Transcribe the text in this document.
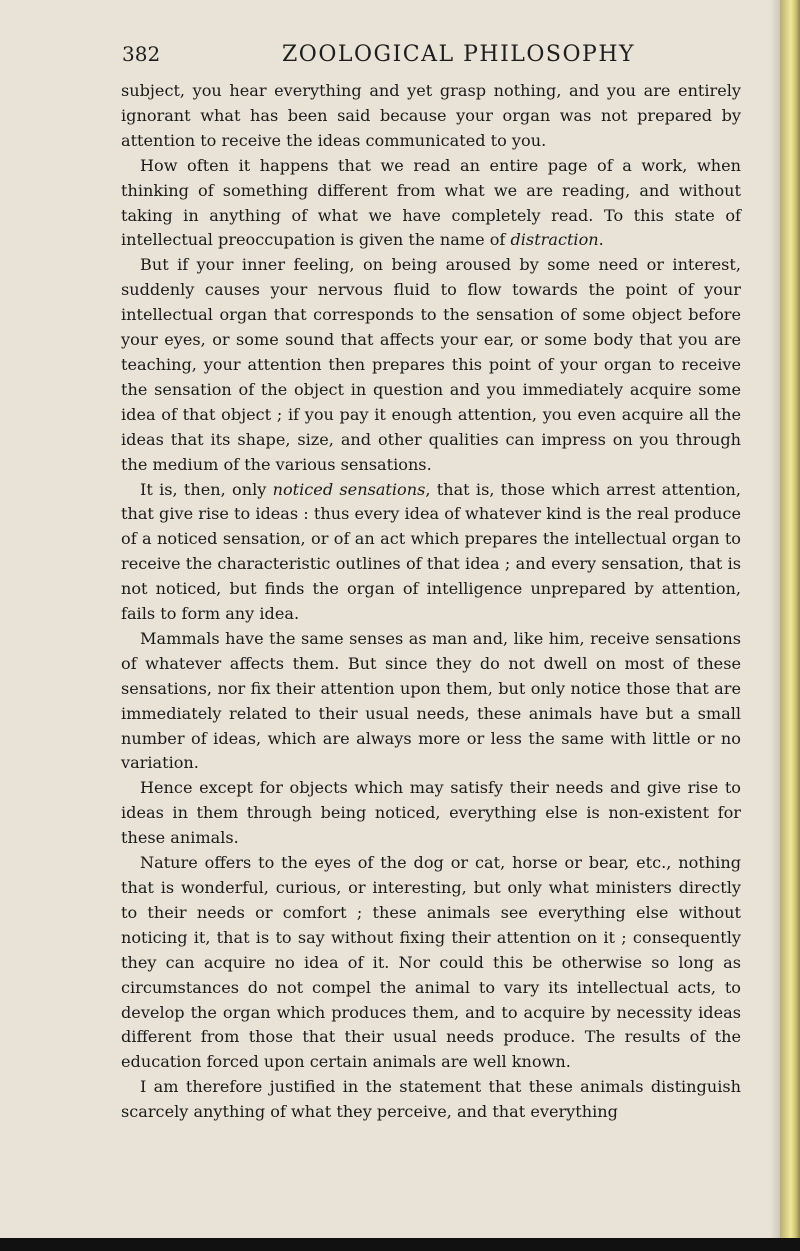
382	ZOOLOGICAL PHILOSOPHY

subject, you hear everything and yet grasp nothing, and you are entirely ignorant what has been said because your organ was not prepared by attention to receive the ideas communicated to you.

How often it happens that we read an entire page of a work, when thinking of something different from what we are reading, and without taking in anything of what we have completely read. To this state of intellectual preoccupation is given the name of distraction.

But if your inner feeling, on being aroused by some need or interest, suddenly causes your nervous fluid to flow towards the point of your intellectual organ that corresponds to the sensation of some object before your eyes, or some sound that affects your ear, or some body that you are teaching, your attention then prepares this point of your organ to receive the sensation of the object in question and you immediately acquire some idea of that object ; if you pay it enough attention, you even acquire all the ideas that its shape, size, and other qualities can impress on you through the medium of the various sensations.

It is, then, only noticed sensations, that is, those which arrest attention, that give rise to ideas : thus every idea of whatever kind is the real produce of a noticed sensation, or of an act which prepares the intellectual organ to receive the characteristic outlines of that idea ; and every sensation, that is not noticed, but finds the organ of intelligence unprepared by attention, fails to form any idea.

Mammals have the same senses as man and, like him, receive sensations of whatever affects them. But since they do not dwell on most of these sensations, nor fix their attention upon them, but only notice those that are immediately related to their usual needs, these animals have but a small number of ideas, which are always more or less the same with little or no variation.

Hence except for objects which may satisfy their needs and give rise to ideas in them through being noticed, everything else is non-existent for these animals.

Nature offers to the eyes of the dog or cat, horse or bear, etc., nothing that is wonderful, curious, or interesting, but only what ministers directly to their needs or comfort ; these animals see everything else without noticing it, that is to say without fixing their attention on it ; consequently they can acquire no idea of it. Nor could this be otherwise so long as circumstances do not compel the animal to vary its intellectual acts, to develop the organ which produces them, and to acquire by necessity ideas different from those that their usual needs produce. The results of the education forced upon certain animals are well known.

I am therefore justified in the statement that these animals distinguish scarcely anything of what they perceive, and that everything
